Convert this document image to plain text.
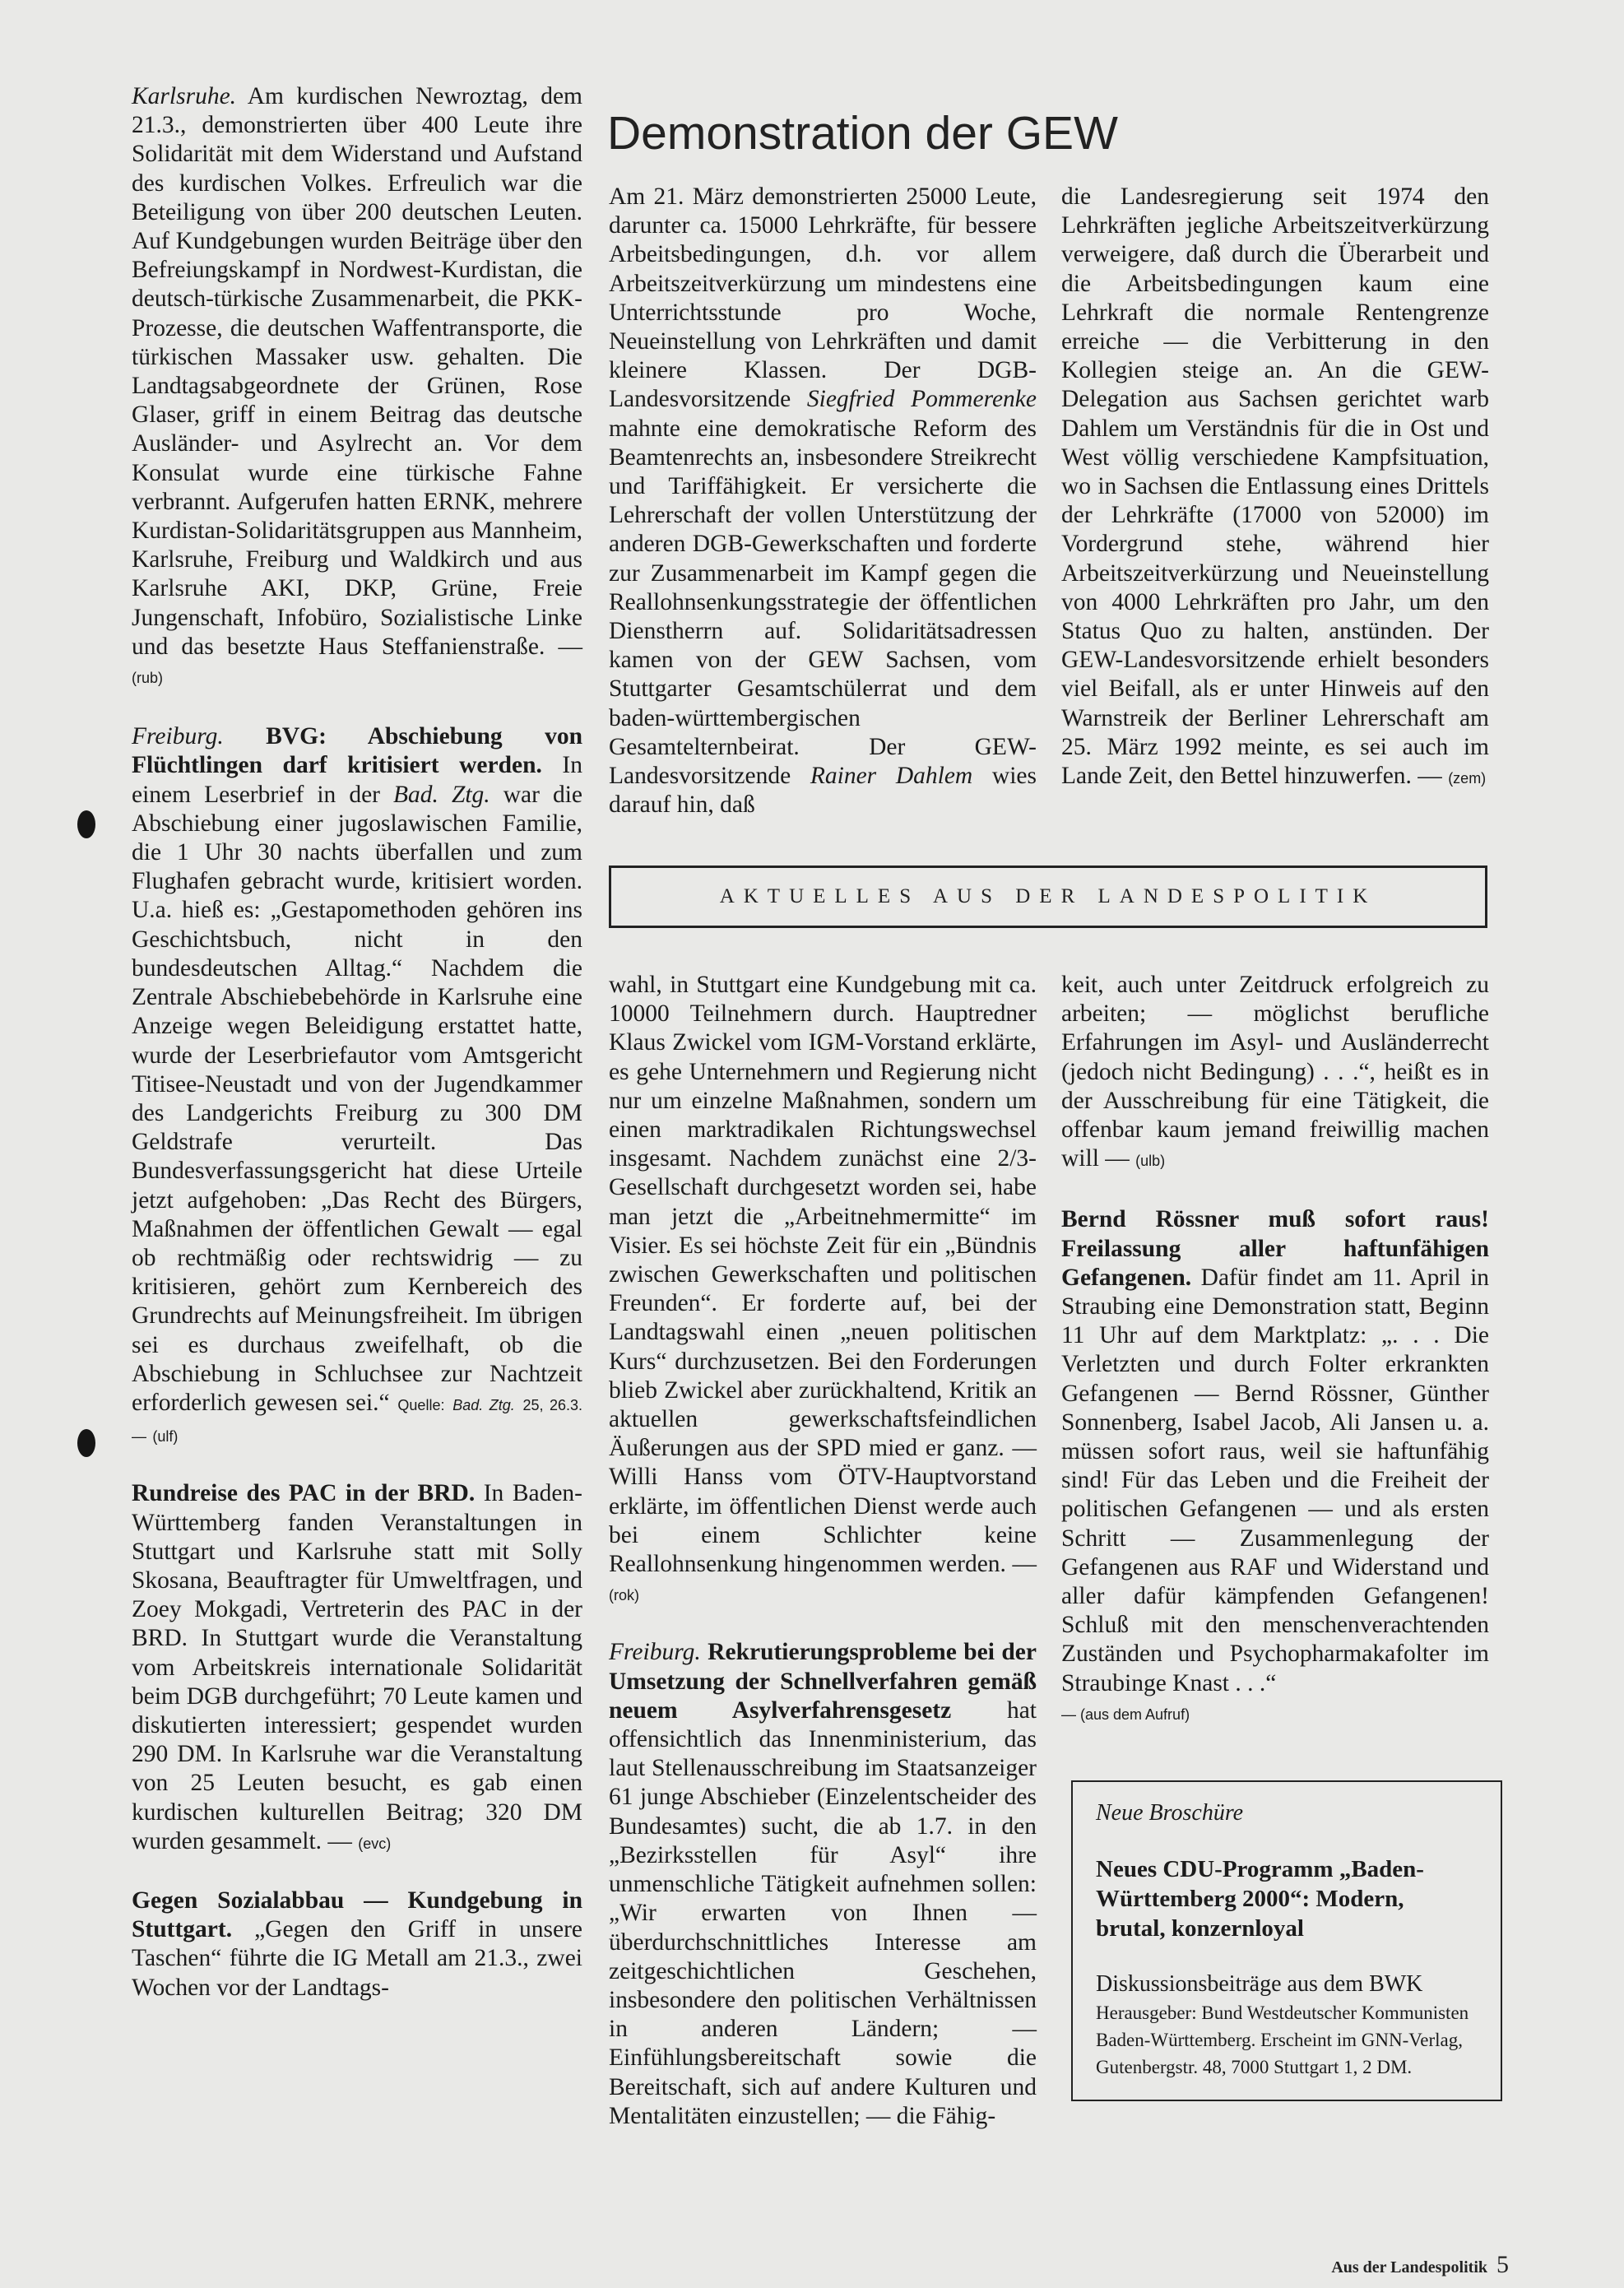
Karlsruhe. Am kurdischen Newroztag, dem 21.3., demonstrierten über 400 Leute ihre Solidarität mit dem Widerstand und Aufstand des kurdischen Volkes. Erfreulich war die Beteiligung von über 200 deutschen Leuten. Auf Kundgebungen wurden Beiträge über den Befreiungskampf in Nordwest-Kurdistan, die deutsch-türkische Zusammenarbeit, die PKK-Prozesse, die deutschen Waffentransporte, die türkischen Massaker usw. gehalten. Die Landtagsabgeordnete der Grünen, Rose Glaser, griff in einem Beitrag das deutsche Ausländer- und Asylrecht an. Vor dem Konsulat wurde eine türkische Fahne verbrannt. Aufgerufen hatten ERNK, mehrere Kurdistan-Solidaritätsgruppen aus Mannheim, Karlsruhe, Freiburg und Waldkirch und aus Karlsruhe AKI, DKP, Grüne, Freie Jungenschaft, Infobüro, Sozialistische Linke und das besetzte Haus Steffanienstraße. — (rub)

Freiburg. BVG: Abschiebung von Flüchtlingen darf kritisiert werden. In einem Leserbrief in der Bad. Ztg. war die Abschiebung einer jugoslawischen Familie, die 1 Uhr 30 nachts überfallen und zum Flughafen gebracht wurde, kritisiert worden. U.a. hieß es: „Gestapomethoden gehören ins Geschichtsbuch, nicht in den bundesdeutschen Alltag.“ Nachdem die Zentrale Abschiebebehörde in Karlsruhe eine Anzeige wegen Beleidigung erstattet hatte, wurde der Leserbriefautor vom Amtsgericht Titisee-Neustadt und von der Jugendkammer des Landgerichts Freiburg zu 300 DM Geldstrafe verurteilt. Das Bundesverfassungsgericht hat diese Urteile jetzt aufgehoben: „Das Recht des Bürgers, Maßnahmen der öffentlichen Gewalt — egal ob rechtmäßig oder rechtswidrig — zu kritisieren, gehört zum Kernbereich des Grundrechts auf Meinungsfreiheit. Im übrigen sei es durchaus zweifelhaft, ob die Abschiebung in Schluchsee zur Nachtzeit erforderlich gewesen sei.“ Quelle: Bad. Ztg. 25, 26.3. — (ulf)

Rundreise des PAC in der BRD. In Baden-Württemberg fanden Veranstaltungen in Stuttgart und Karlsruhe statt mit Solly Skosana, Beauftragter für Umweltfragen, und Zoey Mokgadi, Vertreterin des PAC in der BRD. In Stuttgart wurde die Veranstaltung vom Arbeitskreis internationale Solidarität beim DGB durchgeführt; 70 Leute kamen und diskutierten interessiert; gespendet wurden 290 DM. In Karlsruhe war die Veranstaltung von 25 Leuten besucht, es gab einen kurdischen kulturellen Beitrag; 320 DM wurden gesammelt. — (evc)

Gegen Sozialabbau — Kundgebung in Stuttgart. „Gegen den Griff in unsere Taschen“ führte die IG Metall am 21.3., zwei Wochen vor der Landtags-

Demonstration der GEW

Am 21. März demonstrierten 25000 Leute, darunter ca. 15000 Lehrkräfte, für bessere Arbeitsbedingungen, d.h. vor allem Arbeitszeitverkürzung um mindestens eine Unterrichtsstunde pro Woche, Neueinstellung von Lehrkräften und damit kleinere Klassen. Der DGB-Landesvorsitzende Siegfried Pommerenke mahnte eine demokratische Reform des Beamtenrechts an, insbesondere Streikrecht und Tariffähigkeit. Er versicherte die Lehrerschaft der vollen Unterstützung der anderen DGB-Gewerkschaften und forderte zur Zusammenarbeit im Kampf gegen die Reallohnsenkungsstrategie der öffentlichen Dienstherrn auf. Solidaritätsadressen kamen von der GEW Sachsen, vom Stuttgarter Gesamtschülerrat und dem baden-württembergischen Gesamtelternbeirat. Der GEW-Landesvorsitzende Rainer Dahlem wies darauf hin, daß

die Landesregierung seit 1974 den Lehrkräften jegliche Arbeitszeitverkürzung verweigere, daß durch die Überarbeit und die Arbeitsbedingungen kaum eine Lehrkraft die normale Rentengrenze erreiche — die Verbitterung in den Kollegien steige an. An die GEW-Delegation aus Sachsen gerichtet warb Dahlem um Verständnis für die in Ost und West völlig verschiedene Kampfsituation, wo in Sachsen die Entlassung eines Drittels der Lehrkräfte (17000 von 52000) im Vordergrund stehe, während hier Arbeitszeitverkürzung und Neueinstellung von 4000 Lehrkräften pro Jahr, um den Status Quo zu halten, anstünden. Der GEW-Landesvorsitzende erhielt besonders viel Beifall, als er unter Hinweis auf den Warnstreik der Berliner Lehrerschaft am 25. März 1992 meinte, es sei auch im Lande Zeit, den Bettel hinzuwerfen. — (zem)

AKTUELLES AUS DER LANDESPOLITIK

wahl, in Stuttgart eine Kundgebung mit ca. 10000 Teilnehmern durch. Hauptredner Klaus Zwickel vom IGM-Vorstand erklärte, es gehe Unternehmern und Regierung nicht nur um einzelne Maßnahmen, sondern um einen marktradikalen Richtungswechsel insgesamt. Nachdem zunächst eine 2/3-Gesellschaft durchgesetzt worden sei, habe man jetzt die „Arbeitnehmermitte“ im Visier. Es sei höchste Zeit für ein „Bündnis zwischen Gewerkschaften und politischen Freunden“. Er forderte auf, bei der Landtagswahl einen „neuen politischen Kurs“ durchzusetzen. Bei den Forderungen blieb Zwickel aber zurückhaltend, Kritik an aktuellen gewerkschaftsfeindlichen Äußerungen aus der SPD mied er ganz. — Willi Hanss vom ÖTV-Hauptvorstand erklärte, im öffentlichen Dienst werde auch bei einem Schlichter keine Reallohnsenkung hingenommen werden. — (rok)

Freiburg. Rekrutierungsprobleme bei der Umsetzung der Schnellverfahren gemäß neuem Asylverfahrensgesetz hat offensichtlich das Innenministerium, das laut Stellenausschreibung im Staatsanzeiger 61 junge Abschieber (Einzelentscheider des Bundesamtes) sucht, die ab 1.7. in den „Bezirksstellen für Asyl“ ihre unmenschliche Tätigkeit aufnehmen sollen: „Wir erwarten von Ihnen — überdurchschnittliches Interesse am zeitgeschichtlichen Geschehen, insbesondere den politischen Verhältnissen in anderen Ländern; — Einfühlungsbereitschaft sowie die Bereitschaft, sich auf andere Kulturen und Mentalitäten einzustellen; — die Fähig-

keit, auch unter Zeitdruck erfolgreich zu arbeiten; — möglichst berufliche Erfahrungen im Asyl- und Ausländerrecht (jedoch nicht Bedingung) . . .“, heißt es in der Ausschreibung für eine Tätigkeit, die offenbar kaum jemand freiwillig machen will — (ulb)

Bernd Rössner muß sofort raus! Freilassung aller haftunfähigen Gefangenen. Dafür findet am 11. April in Straubing eine Demonstration statt, Beginn 11 Uhr auf dem Marktplatz: „. . . Die Verletzten und durch Folter erkrankten Gefangenen — Bernd Rössner, Günther Sonnenberg, Isabel Jacob, Ali Jansen u. a. müssen sofort raus, weil sie haftunfähig sind! Für das Leben und die Freiheit der politischen Gefangenen — und als ersten Schritt — Zusammenlegung der Gefangenen aus RAF und Widerstand und aller dafür kämpfenden Gefangenen! Schluß mit den menschenverachtenden Zuständen und Psychopharmakafolter im Straubinge Knast . . .“
— (aus dem Aufruf)

Neue Broschüre
Neues CDU-Programm „Baden-Württemberg 2000“: Modern, brutal, konzernloyal
Diskussionsbeiträge aus dem BWK
Herausgeber: Bund Westdeutscher Kommunisten Baden-Württemberg. Erscheint im GNN-Verlag, Gutenbergstr. 48, 7000 Stuttgart 1, 2 DM.
Aus der Landespolitik 5
